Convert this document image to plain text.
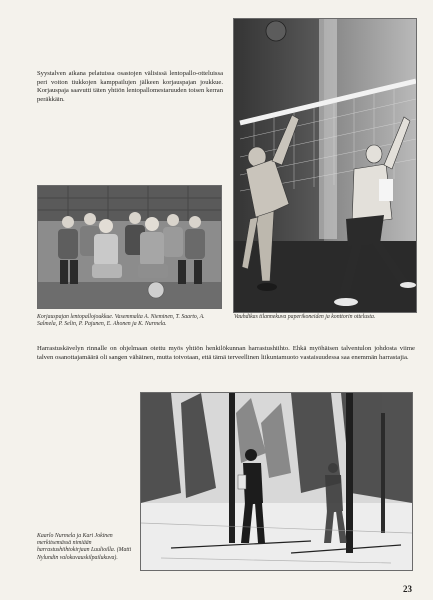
Syystalven aikana pelatuissa osastojen välisissä lentopallo-otteluissa peri voiton tiukkojen kamppailujen jälkeen korjauspajan joukkue. Korjauspaja saavutti täten yhtiön lentopallomestaruuden toisen kerran peräkkäin.
Korjauspajan lentopallojoukkue. Vasemmalta A. Nieminen, T. Saarto, A. Salmela, P. Selin, P. Pajunen, E. Ahonen ja K. Nurmela.
Vauhdikas tilannekuva paperikoneiden ja konttorin ottelusta.
Harrastuskävelyn rinnalle on ohjelmaan otettu myös yhtiön henkilökunnan harrastushiihto. Ehkä myöhäisen talventulon johdosta viime talven osanottajamäärä oli sangen vähäinen, mutta toivotaan, että tämä terveellinen liikuntamuoto vastaisuudessa saa enemmän harrastajia.
Kaarlo Nurmela ja Kari Jokinen merkitsemässä nimiään harrastushiihtokirjaan Luulioilla. (Matti Nylundin valokuvauskilpailukuva).
23
